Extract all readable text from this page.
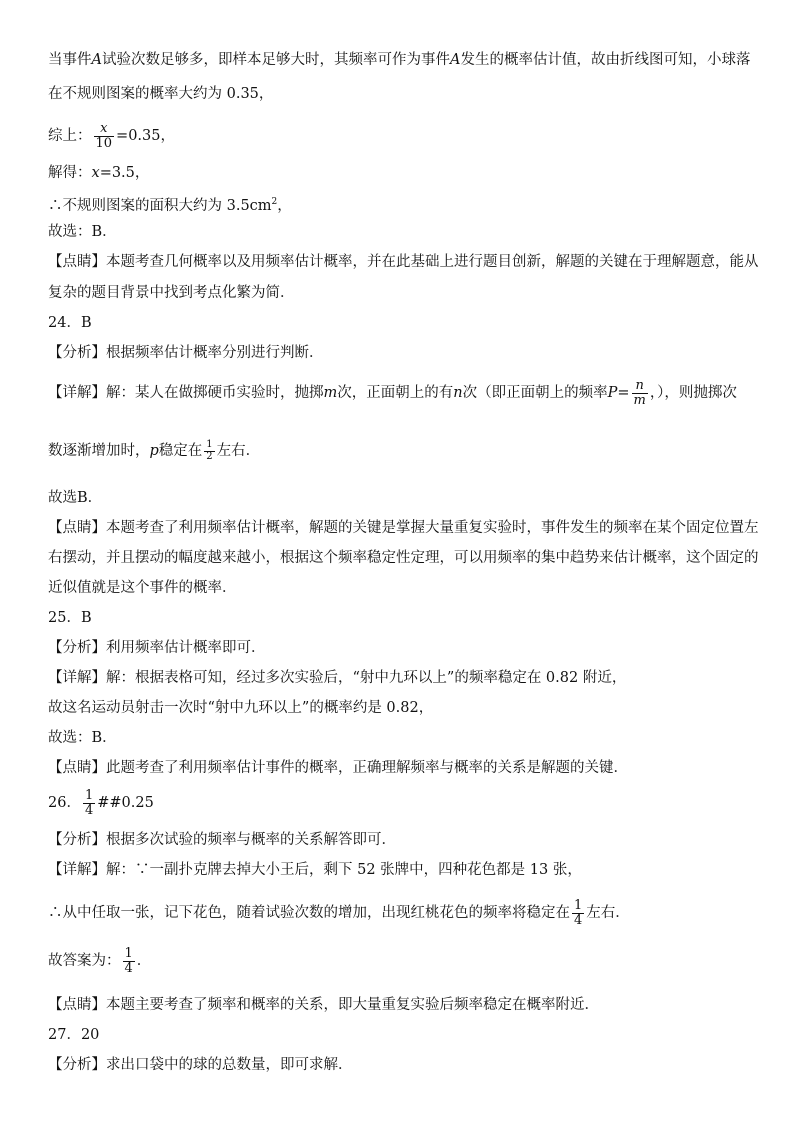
当事件A试验次数足够多，即样本足够大时，其频率可作为事件A发生的概率估计值，故由折线图可知，小球落
在不规则图案的概率大约为 0.35，
综上： $\frac{x}{10} =0.35$，
解得：x=3.5，
∴不规则图案的面积大约为 $3.5cm^2$，
故选：B．
【点睛】本题考查几何概率以及用频率估计概率，并在此基础上进行题目创新，解题的关键在于理解题意，能从
复杂的题目背景中找到考点化繁为简．
24．B
【分析】根据频率估计概率分别进行判断．
【详解】解：某人在做掷硬币实验时，抛掷m次，正面朝上的有n次（即正面朝上的频率$P= \frac{n}{m}$ ，），则抛掷次
数逐渐增加时，p稳定在 $\frac{1}{2}$ 左右．
故选B．
【点睛】本题考查了利用频率估计概率，解题的关键是掌握大量重复实验时，事件发生的频率在某个固定位置左
右摆动，并且摆动的幅度越来越小，根据这个频率稳定性定理，可以用频率的集中趋势来估计概率，这个固定的
近似值就是这个事件的概率．
25．B
【分析】利用频率估计概率即可．
【详解】解：根据表格可知，经过多次实验后，“射中九环以上”的频率稳定在 0.82 附近，
故这名运动员射击一次时“射中九环以上”的概率约是 0.82，
故选：B．
【点睛】此题考查了利用频率估计事件的概率，正确理解频率与概率的关系是解题的关键．
26． $\frac{1}{4}$ ##0.25
【分析】根据多次试验的频率与概率的关系解答即可．
【详解】解：∵一副扑克牌去掉大小王后，剩下 52 张牌中，四种花色都是 13 张，
∴从中任取一张，记下花色，随着试验次数的增加，出现红桃花色的频率将稳定在 $\frac{1}{4}$ 左右．
故答案为： $\frac{1}{4}$ ．
【点睛】本题主要考查了频率和概率的关系，即大量重复实验后频率稳定在概率附近．
27．20
【分析】求出口袋中的球的总数量，即可求解．
